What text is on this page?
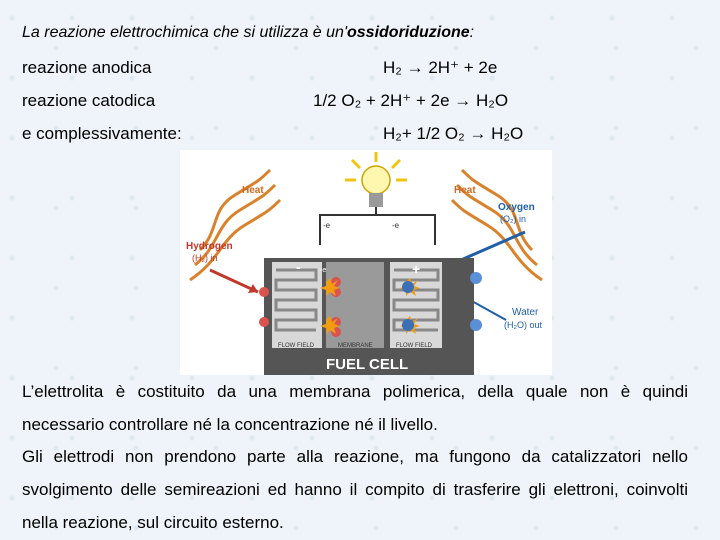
La reazione elettrochimica che si utilizza è un'ossidoriduzione:
reazione anodica	H₂ → 2H⁺ + 2e
reazione catodica	1/2 O₂ + 2H⁺ + 2e → H₂O
e complessivamente:	H₂+ 1/2 O₂ → H₂O
Heat	Heat
-e	-e
Hydrogen
(H₂) in
Oxygen
(O₂) in
Water
(H₂O) out
-	+
-e
FLOW FIELD	MEMBRANE	FLOW FIELD
FUEL CELL
L’elettrolita è costituito da una membrana polimerica, della quale non è quindi
necessario controllare né la concentrazione né il livello.
Gli elettrodi non prendono parte alla reazione, ma fungono da catalizzatori nello
svolgimento delle semireazioni ed hanno il compito di trasferire gli elettroni, coinvolti
nella reazione, sul circuito esterno.
